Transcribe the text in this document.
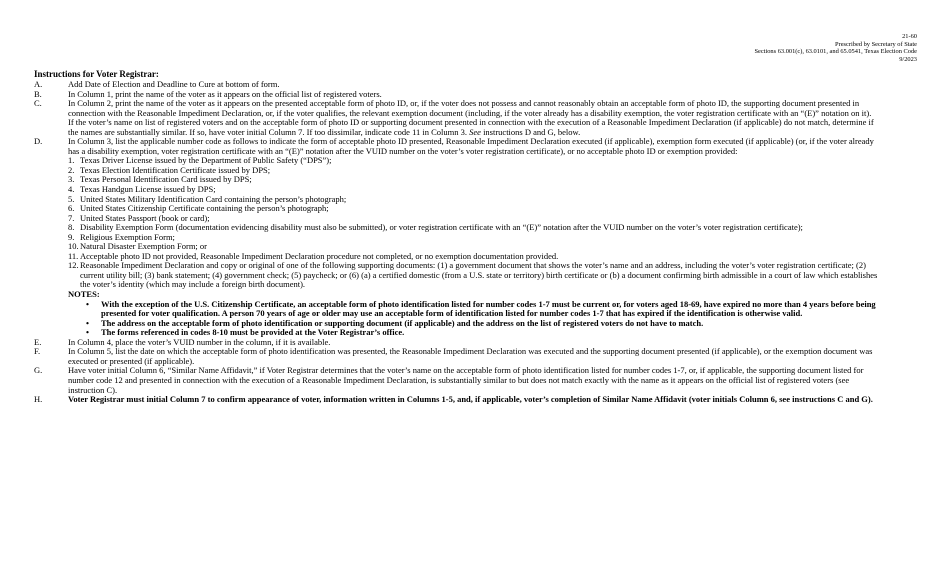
21-60
Prescribed by Secretary of State
Sections 63.001(c), 63.0101, and 65.0541, Texas Election Code
9/2023
Instructions for Voter Registrar:
A.	Add Date of Election and Deadline to Cure at bottom of form.
B.	In Column 1, print the name of the voter as it appears on the official list of registered voters.
C.	In Column 2, print the name of the voter as it appears on the presented acceptable form of photo ID, or, if the voter does not possess and cannot reasonably obtain an acceptable form of photo ID, the supporting document presented in connection with the Reasonable Impediment Declaration, or, if the voter qualifies, the relevant exemption document (including, if the voter already has a disability exemption, the voter registration certificate with an “(E)” notation on it). If the voter’s name on list of registered voters and on the acceptable form of photo ID or supporting document presented in connection with the execution of a Reasonable Impediment Declaration (if applicable) do not match, determine if the names are substantially similar. If so, have voter initial Column 7. If too dissimilar, indicate code 11 in Column 3. See instructions D and G, below.
D.	In Column 3, list the applicable number code as follows to indicate the form of acceptable photo ID presented, Reasonable Impediment Declaration executed (if applicable), exemption form executed (if applicable) (or, if the voter already has a disability exemption, voter registration certificate with an “(E)” notation after the VUID number on the voter’s voter registration certificate), or no acceptable photo ID or exemption provided:
1. Texas Driver License issued by the Department of Public Safety (“DPS”);
2. Texas Election Identification Certificate issued by DPS;
3. Texas Personal Identification Card issued by DPS;
4. Texas Handgun License issued by DPS;
5. United States Military Identification Card containing the person’s photograph;
6. United States Citizenship Certificate containing the person’s photograph;
7. United States Passport (book or card);
8. Disability Exemption Form (documentation evidencing disability must also be submitted), or voter registration certificate with an “(E)” notation after the VUID number on the voter’s voter registration certificate);
9. Religious Exemption Form;
10. Natural Disaster Exemption Form; or
11. Acceptable photo ID not provided, Reasonable Impediment Declaration procedure not completed, or no exemption documentation provided.
12. Reasonable Impediment Declaration and copy or original of one of the following supporting documents: (1) a government document that shows the voter’s name and an address, including the voter’s voter registration certificate; (2) current utility bill; (3) bank statement; (4) government check; (5) paycheck; or (6) (a) a certified domestic (from a U.S. state or territory) birth certificate or (b) a document confirming birth admissible in a court of law which establishes the voter’s identity (which may include a foreign birth document).
NOTES:
• With the exception of the U.S. Citizenship Certificate, an acceptable form of photo identification listed for number codes 1-7 must be current or, for voters aged 18-69, have expired no more than 4 years before being presented for voter qualification. A person 70 years of age or older may use an acceptable form of identification listed for number codes 1-7 that has expired if the identification is otherwise valid.
• The address on the acceptable form of photo identification or supporting document (if applicable) and the address on the list of registered voters do not have to match.
• The forms referenced in codes 8-10 must be provided at the Voter Registrar’s office.
E.	In Column 4, place the voter’s VUID number in the column, if it is available.
F.	In Column 5, list the date on which the acceptable form of photo identification was presented, the Reasonable Impediment Declaration was executed and the supporting document presented (if applicable), or the exemption document was executed or presented (if applicable).
G.	Have voter initial Column 6, “Similar Name Affidavit,” if Voter Registrar determines that the voter’s name on the acceptable form of photo identification listed for number codes 1-7, or, if applicable, the supporting document listed for number code 12 and presented in connection with the execution of a Reasonable Impediment Declaration, is substantially similar to but does not match exactly with the name as it appears on the official list of registered voters (see instruction C).
H.	Voter Registrar must initial Column 7 to confirm appearance of voter, information written in Columns 1-5, and, if applicable, voter’s completion of Similar Name Affidavit (voter initials Column 6, see instructions C and G).
